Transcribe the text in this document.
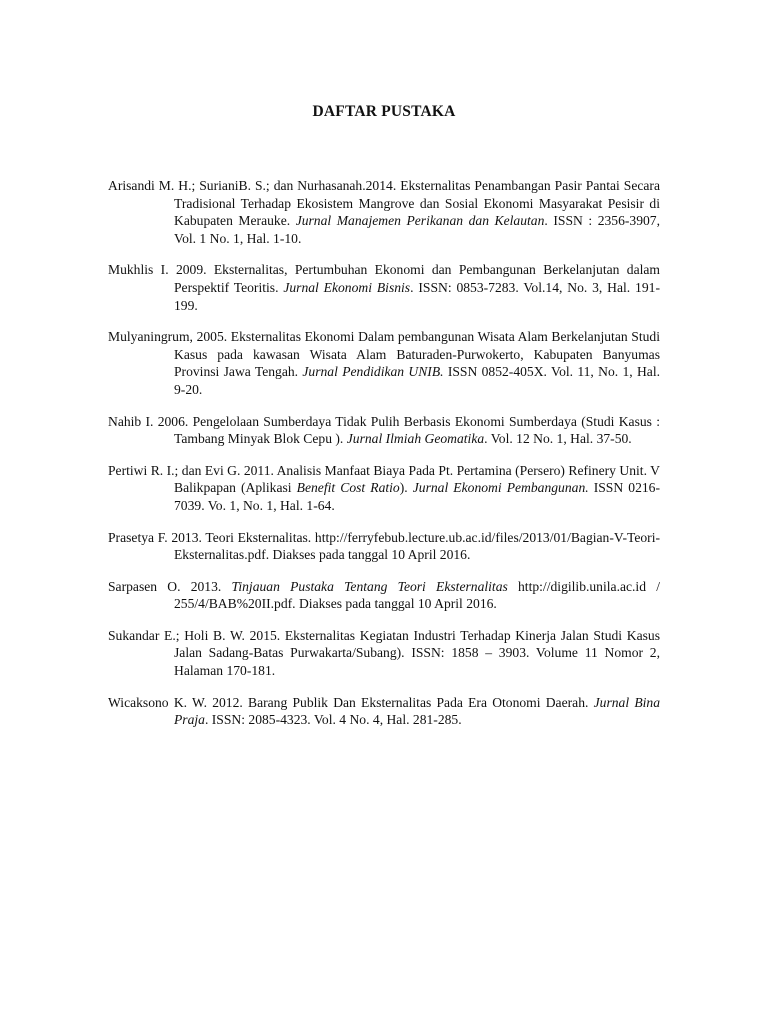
DAFTAR PUSTAKA

Arisandi M. H.; SurianiB. S.; dan Nurhasanah.2014. Eksternalitas Penambangan Pasir Pantai Secara Tradisional Terhadap Ekosistem Mangrove dan Sosial Ekonomi Masyarakat Pesisir di Kabupaten Merauke. Jurnal Manajemen Perikanan dan Kelautan. ISSN : 2356-3907, Vol. 1 No. 1, Hal. 1-10.

Mukhlis I. 2009. Eksternalitas, Pertumbuhan Ekonomi dan Pembangunan Berkelanjutan dalam Perspektif Teoritis. Jurnal Ekonomi Bisnis. ISSN: 0853-7283. Vol.14, No. 3, Hal. 191-199.

Mulyaningrum, 2005. Eksternalitas Ekonomi Dalam pembangunan Wisata Alam Berkelanjutan Studi Kasus pada kawasan Wisata Alam Baturaden-Purwokerto, Kabupaten Banyumas Provinsi Jawa Tengah. Jurnal Pendidikan UNIB. ISSN 0852-405X. Vol. 11, No. 1, Hal. 9-20.

Nahib I. 2006. Pengelolaan Sumberdaya Tidak Pulih Berbasis Ekonomi Sumberdaya (Studi Kasus : Tambang Minyak Blok Cepu ). Jurnal Ilmiah Geomatika. Vol. 12 No. 1, Hal. 37-50.

Pertiwi R. I.; dan Evi G. 2011. Analisis Manfaat Biaya Pada Pt. Pertamina (Persero) Refinery Unit. V Balikpapan (Aplikasi Benefit Cost Ratio). Jurnal Ekonomi Pembangunan. ISSN 0216-7039. Vo. 1, No. 1, Hal. 1-64.

Prasetya F. 2013. Teori Eksternalitas. http://ferryfebub.lecture.ub.ac.id/files/2013/01/Bagian-V-Teori-Eksternalitas.pdf. Diakses pada tanggal 10 April 2016.

Sarpasen O. 2013. Tinjauan Pustaka Tentang Teori Eksternalitas http://digilib.unila.ac.id / 255/4/BAB%20II.pdf. Diakses pada tanggal 10 April 2016.

Sukandar E.; Holi B. W. 2015. Eksternalitas Kegiatan Industri Terhadap Kinerja Jalan Studi Kasus Jalan Sadang-Batas Purwakarta/Subang). ISSN: 1858 – 3903. Volume 11 Nomor 2, Halaman 170-181.

Wicaksono K. W. 2012. Barang Publik Dan Eksternalitas Pada Era Otonomi Daerah. Jurnal Bina Praja. ISSN: 2085-4323. Vol. 4 No. 4, Hal. 281-285.
